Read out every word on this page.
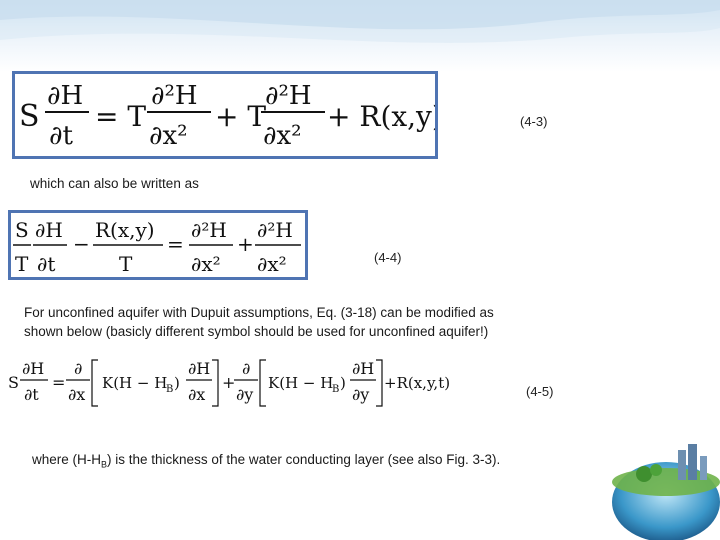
S
∂H
∂t
= T
∂²H
∂x²
+ T
∂²H
∂x²
+ R(x,y)	(4-3)
which can also be written as
S
T
∂H
∂t
−
R(x,y)
T
=
∂²H
∂x²
+
∂²H
∂x²	(4-4)
For unconfined aquifer with Dupuit assumptions, Eq. (3-18) can be modified as
shown below (basicly different symbol should be used for unconfined aquifer!)
S
∂H
∂t
=
∂
∂x
K(H − H
B )
∂H
∂x
+
∂
∂y
K(H − H
B )
∂H
∂y
+R(x,y,t)	(4-5)
where $(H-H_B)$ is the thickness of the water conducting layer (see also Fig. 3-3).
